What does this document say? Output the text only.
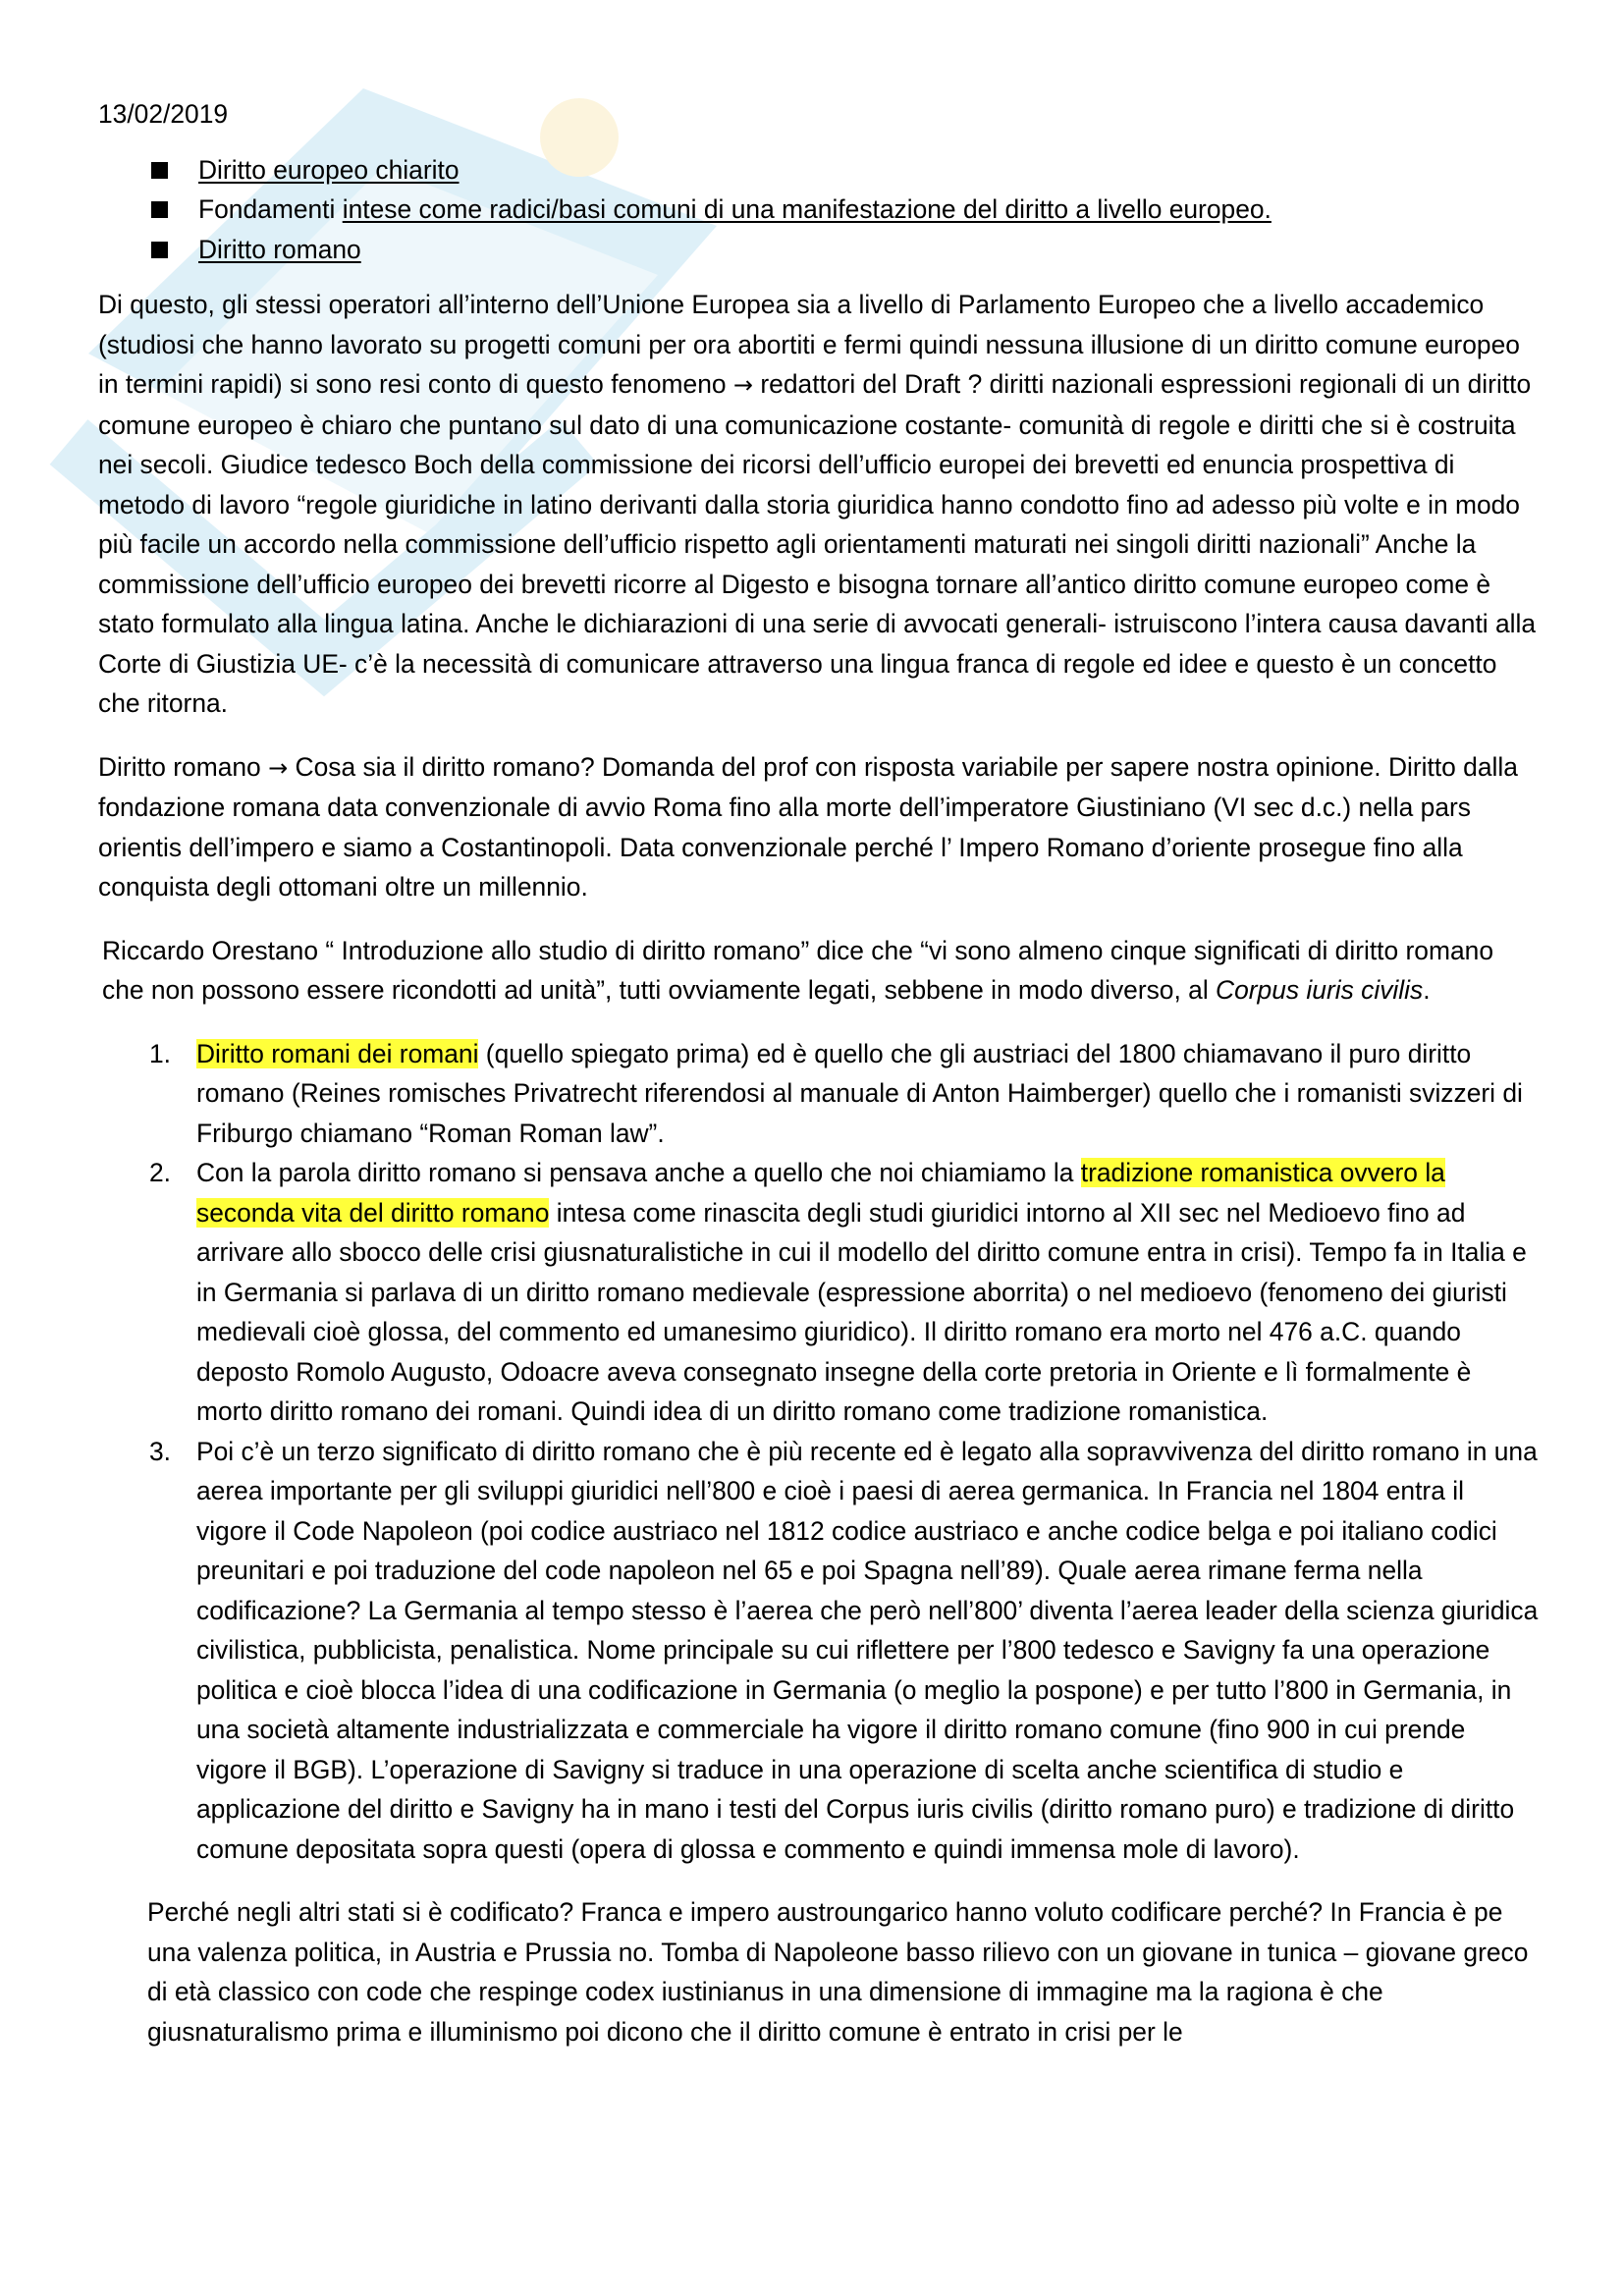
13/02/2019
Diritto europeo chiarito
Fondamenti intese come radici/basi comuni di una manifestazione del diritto a livello europeo.
Diritto romano

Di questo, gli stessi operatori all’interno dell’Unione Europea sia a livello di Parlamento Europeo che a livello accademico (studiosi che hanno lavorato su progetti comuni per ora abortiti e fermi quindi nessuna illusione di un diritto comune europeo in termini rapidi) si sono resi conto di questo fenomeno → redattori del Draft ? diritti nazionali espressioni regionali di un diritto comune europeo è chiaro che puntano sul dato di una comunicazione costante- comunità di regole e diritti che si è costruita nei secoli. Giudice tedesco Boch della commissione dei ricorsi dell’ufficio europei dei brevetti ed enuncia prospettiva di metodo di lavoro “regole giuridiche in latino derivanti dalla storia giuridica hanno condotto fino ad adesso più volte e in modo più facile un accordo nella commissione dell’ufficio rispetto agli orientamenti maturati nei singoli diritti nazionali” Anche la commissione dell’ufficio europeo dei brevetti ricorre al Digesto e bisogna tornare all’antico diritto comune europeo come è stato formulato alla lingua latina. Anche le dichiarazioni di una serie di avvocati generali- istruiscono l’intera causa davanti alla Corte di Giustizia UE- c’è la necessità di comunicare attraverso una lingua franca di regole ed idee e questo è un concetto che ritorna.

Diritto romano → Cosa sia il diritto romano? Domanda del prof con risposta variabile per sapere nostra opinione. Diritto dalla fondazione romana data convenzionale di avvio Roma fino alla morte dell’imperatore Giustiniano (VI sec d.c.) nella pars orientis dell’impero e siamo a Costantinopoli. Data convenzionale perché l’ Impero Romano d’oriente prosegue fino alla conquista degli ottomani oltre un millennio.

Riccardo Orestano “ Introduzione allo studio di diritto romano” dice che “vi sono almeno cinque significati di diritto romano che non possono essere ricondotti ad unità”, tutti ovviamente legati, sebbene in modo diverso, al Corpus iuris civilis.

1. Diritto romani dei romani (quello spiegato prima) ed è quello che gli austriaci del 1800 chiamavano il puro diritto romano (Reines romisches Privatrecht riferendosi al manuale di Anton Haimberger) quello che i romanisti svizzeri di Friburgo chiamano “Roman Roman law”.
2. Con la parola diritto romano si pensava anche a quello che noi chiamiamo la tradizione romanistica ovvero la seconda vita del diritto romano intesa come rinascita degli studi giuridici intorno al XII sec nel Medioevo fino ad arrivare allo sbocco delle crisi giusnaturalistiche in cui il modello del diritto comune entra in crisi). Tempo fa in Italia e in Germania si parlava di un diritto romano medievale (espressione aborrita) o nel medioevo (fenomeno dei giuristi medievali cioè glossa, del commento ed umanesimo giuridico). Il diritto romano era morto nel 476 a.C. quando deposto Romolo Augusto, Odoacre aveva consegnato insegne della corte pretoria in Oriente e lì formalmente è morto diritto romano dei romani. Quindi idea di un diritto romano come tradizione romanistica.
3. Poi c’è un terzo significato di diritto romano che è più recente ed è legato alla sopravvivenza del diritto romano in una aerea importante per gli sviluppi giuridici nell’800 e cioè i paesi di aerea germanica. In Francia nel 1804 entra il vigore il Code Napoleon (poi codice austriaco nel 1812 codice austriaco e anche codice belga e poi italiano codici preunitari e poi traduzione del code napoleon nel 65 e poi Spagna nell’89). Quale aerea rimane ferma nella codificazione? La Germania al tempo stesso è l’aerea che però nell’800’ diventa l’aerea leader della scienza giuridica civilistica, pubblicista, penalistica. Nome principale su cui riflettere per l’800 tedesco e Savigny fa una operazione politica e cioè blocca l’idea di una codificazione in Germania (o meglio la pospone) e per tutto l’800 in Germania, in una società altamente industrializzata e commerciale ha vigore il diritto romano comune (fino 900 in cui prende vigore il BGB). L’operazione di Savigny si traduce in una operazione di scelta anche scientifica di studio e applicazione del diritto e Savigny ha in mano i testi del Corpus iuris civilis (diritto romano puro) e tradizione di diritto comune depositata sopra questi (opera di glossa e commento e quindi immensa mole di lavoro).

Perché negli altri stati si è codificato? Franca e impero austroungarico hanno voluto codificare perché? In Francia è pe una valenza politica, in Austria e Prussia no. Tomba di Napoleone basso rilievo con un giovane in tunica – giovane greco di età classico con code che respinge codex iustinianus in una dimensione di immagine ma la ragiona è che giusnaturalismo prima e illuminismo poi dicono che il diritto comune è entrato in crisi per le
